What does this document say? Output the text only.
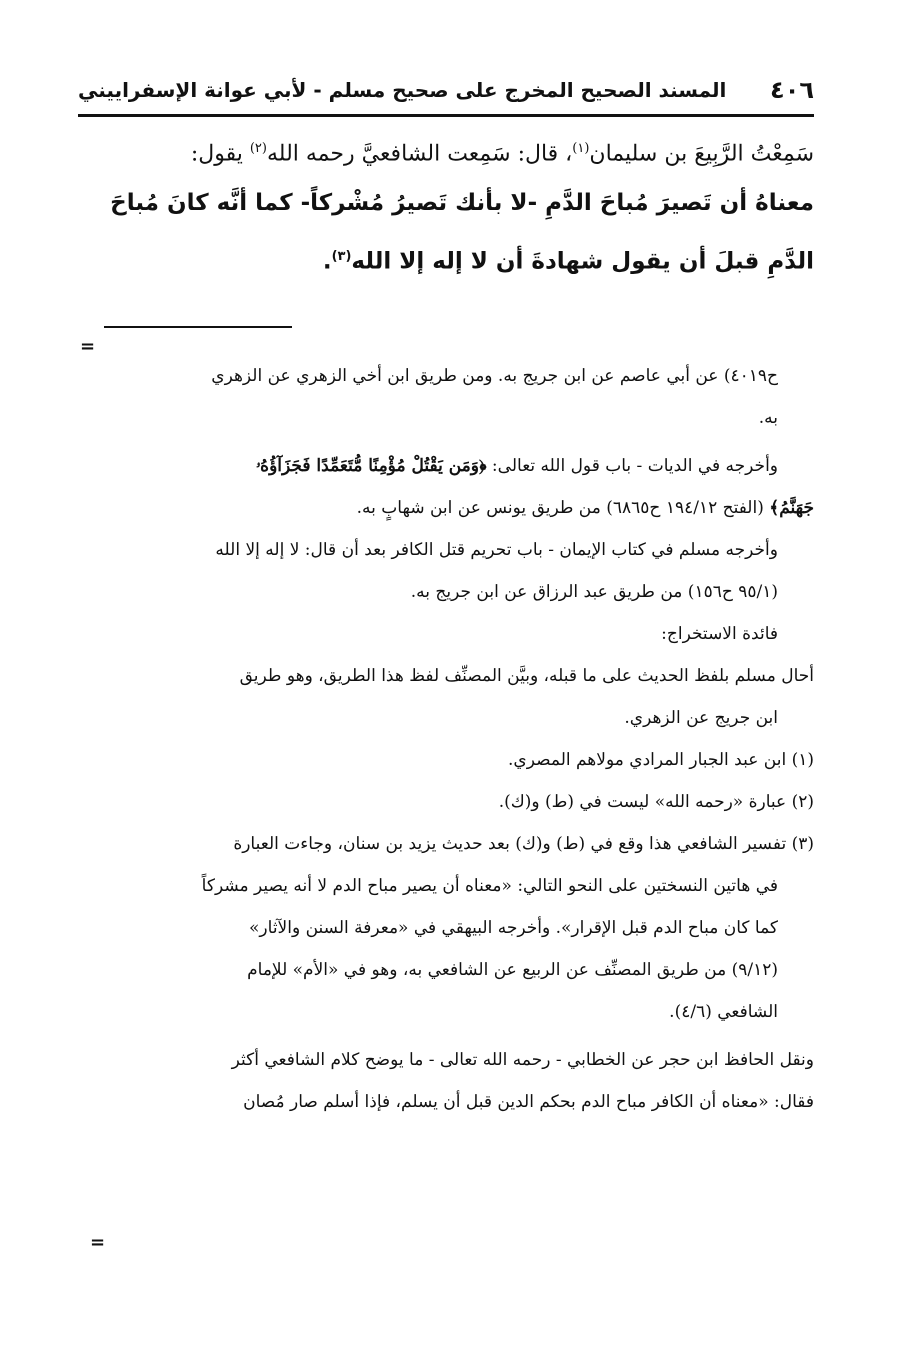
٤٠٦
المسند الصحيح المخرج على صحيح مسلم - لأبي عوانة الإسفراييني
سَمِعْتُ الرَّبِيعَ بن سليمان$^{(١)}$، قال: سَمِعت الشافعيَّ رحمه الله$^{(٢)}$ يقول:
معناهُ أن تَصيرَ مُباحَ الدَّمِ -لا بأنك تَصيرُ مُشْركاً- كما أنَّه كانَ مُباحَ
الدَّمِ قبلَ أن يقول شهادةَ أن لا إله إلا الله$^{(٣)}$.
=
ح٤٠١٩) عن أبي عاصم عن ابن جريج به. ومن طريق ابن أخي الزهري عن الزهري
به.
وأخرجه في الديات - باب قول الله تعالى: ﴿وَمَن يَقْتُلْ مُؤْمِنًا مُّتَعَمِّدًا فَجَزَآؤُهُۥ
جَهَنَّمُ﴾ (الفتح ١٩٤/١٢ ح٦٨٦٥) من طريق يونس عن ابن شهابٍ به.
وأخرجه مسلم في كتاب الإيمان - باب تحريم قتل الكافر بعد أن قال: لا إله إلا الله
(٩٥/١ ح١٥٦) من طريق عبد الرزاق عن ابن جريج به.
فائدة الاستخراج:
أحال مسلم بلفظ الحديث على ما قبله، وبيَّن المصنِّف لفظ هذا الطريق، وهو طريق
ابن جريج عن الزهري.
(١) ابن عبد الجبار المرادي مولاهم المصري.
(٢) عبارة «رحمه الله» ليست في (ط) و(ك).
(٣) تفسير الشافعي هذا وقع في (ط) و(ك) بعد حديث يزيد بن سنان، وجاءت العبارة
في هاتين النسختين على النحو التالي: «معناه أن يصير مباح الدم لا أنه يصير مشركاً
كما كان مباح الدم قبل الإقرار». وأخرجه البيهقي في «معرفة السنن والآثار»
(٩/١٢) من طريق المصنِّف عن الربيع عن الشافعي به، وهو في «الأم» للإمام
الشافعي (٤/٦).
ونقل الحافظ ابن حجر عن الخطابي - رحمه الله تعالى - ما يوضح كلام الشافعي أكثر
فقال: «معناه أن الكافر مباح الدم بحكم الدين قبل أن يسلم، فإذا أسلم صار مُصان
=
